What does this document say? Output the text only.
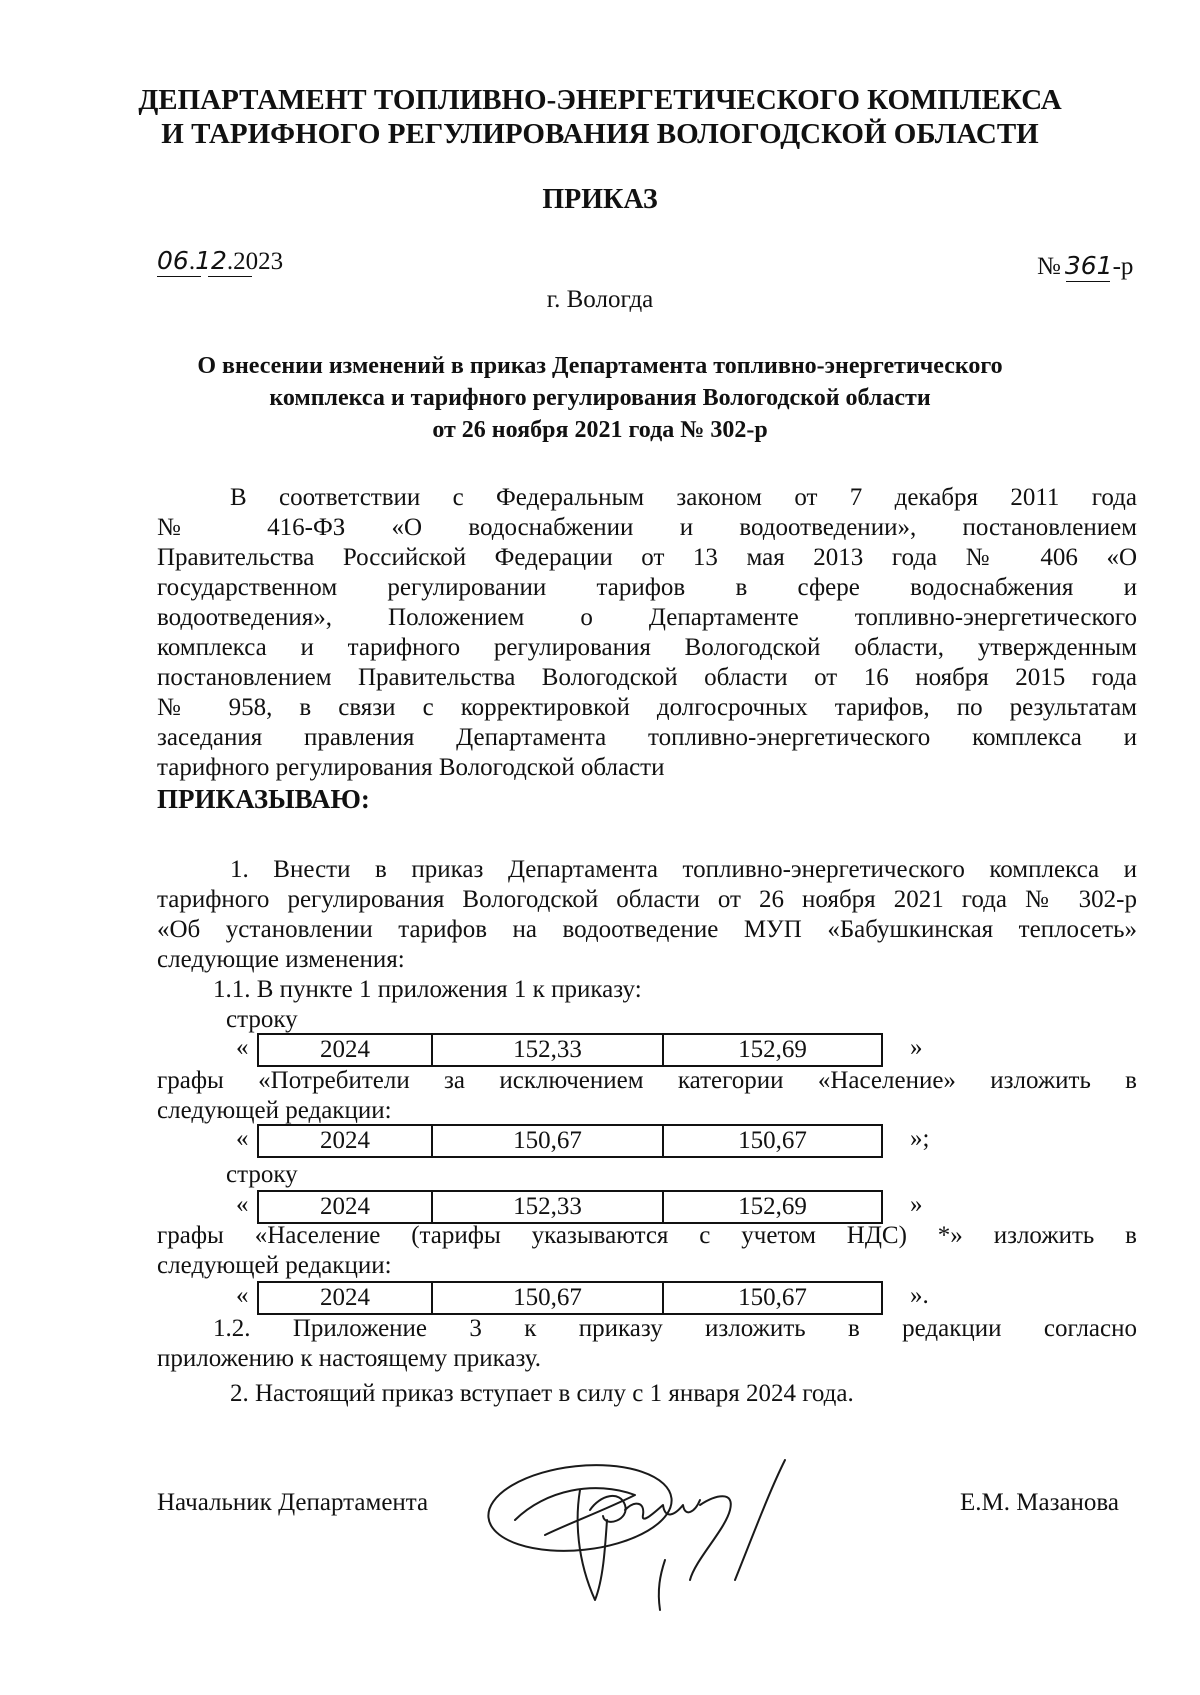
ДЕПАРТАМЕНТ ТОПЛИВНО-ЭНЕРГЕТИЧЕСКОГО КОМПЛЕКСА
И ТАРИФНОГО РЕГУЛИРОВАНИЯ ВОЛОГОДСКОЙ ОБЛАСТИ
ПРИКАЗ
06.12.2023	№ 361-р
г. Вологда
О внесении изменений в приказ Департамента топливно-энергетического
комплекса и тарифного регулирования Вологодской области
от 26 ноября 2021 года № 302-р
В соответствии с Федеральным законом от 7 декабря 2011 года
№ 416-ФЗ «О водоснабжении и водоотведении», постановлением
Правительства Российской Федерации от 13 мая 2013 года № 406 «О
государственном регулировании тарифов в сфере водоснабжения и
водоотведения», Положением о Департаменте топливно-энергетического
комплекса и тарифного регулирования Вологодской области, утвержденным
постановлением Правительства Вологодской области от 16 ноября 2015 года
№ 958, в связи с корректировкой долгосрочных тарифов, по результатам
заседания правления Департамента топливно-энергетического комплекса и
тарифного регулирования Вологодской области
ПРИКАЗЫВАЮ:
1. Внести в приказ Департамента топливно-энергетического комплекса и
тарифного регулирования Вологодской области от 26 ноября 2021 года № 302-р
«Об установлении тарифов на водоотведение МУП «Бабушкинская теплосеть»
следующие изменения:
1.1. В пункте 1 приложения 1 к приказу:
строку
«	2024	152,33	152,69	»
графы «Потребители за исключением категории «Население» изложить в
следующей редакции:
«	2024	150,67	150,67	»;
строку
«	2024	152,33	152,69	»
графы «Население (тарифы указываются с учетом НДС) *» изложить в
следующей редакции:
«	2024	150,67	150,67	».
1.2. Приложение 3 к приказу изложить в редакции согласно
приложению к настоящему приказу.
2. Настоящий приказ вступает в силу с 1 января 2024 года.
Начальник Департамента	Е.М. Мазанова
